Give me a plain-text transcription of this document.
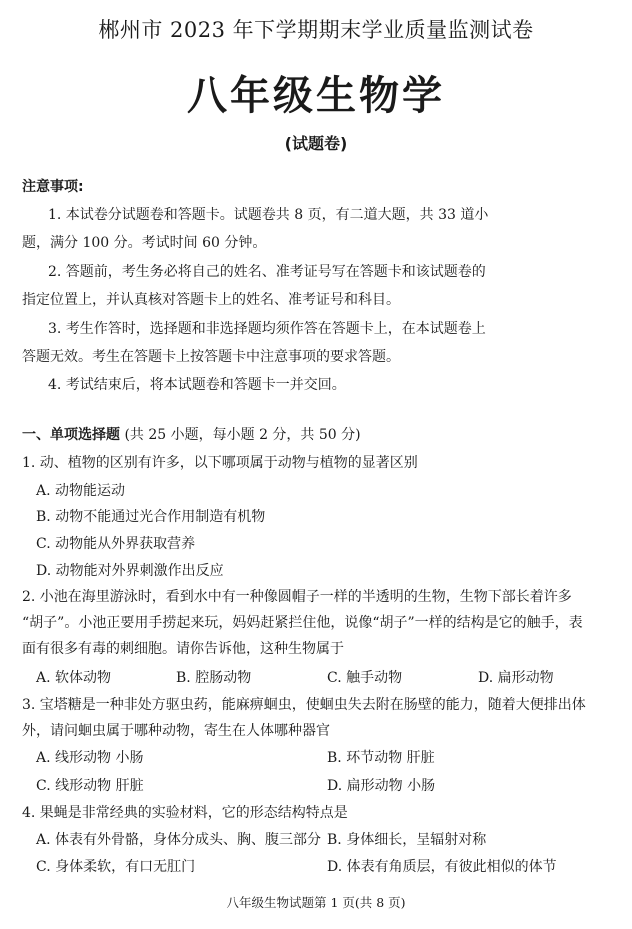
郴州市 2023 年下学期期末学业质量监测试卷
八年级生物学
(试题卷)
注意事项:
1. 本试卷分试题卷和答题卡。试题卷共 8 页，有二道大题，共 33 道小
题，满分 100 分。考试时间 60 分钟。
2. 答题前，考生务必将自己的姓名、准考证号写在答题卡和该试题卷的
指定位置上，并认真核对答题卡上的姓名、准考证号和科目。
3. 考生作答时，选择题和非选择题均须作答在答题卡上，在本试题卷上
答题无效。考生在答题卡上按答题卡中注意事项的要求答题。
4. 考试结束后，将本试题卷和答题卡一并交回。
一、单项选择题 (共 25 小题，每小题 2 分，共 50 分)
1. 动、植物的区别有许多，以下哪项属于动物与植物的显著区别
A. 动物能运动
B. 动物不能通过光合作用制造有机物
C. 动物能从外界获取营养
D. 动物能对外界刺激作出反应
2. 小池在海里游泳时，看到水中有一种像圆帽子一样的半透明的生物，生物下部长着许多
“胡子”。小池正要用手捞起来玩，妈妈赶紧拦住他，说像“胡子”一样的结构是它的触手，表
面有很多有毒的刺细胞。请你告诉他，这种生物属于
A. 软体动物	B. 腔肠动物	C. 触手动物	D. 扁形动物
3. 宝塔糖是一种非处方驱虫药，能麻痹蛔虫，使蛔虫失去附在肠壁的能力，随着大便排出体
外，请问蛔虫属于哪种动物，寄生在人体哪种器官
A. 线形动物 小肠	B. 环节动物 肝脏
C. 线形动物 肝脏	D. 扁形动物 小肠
4. 果蝇是非常经典的实验材料，它的形态结构特点是
A. 体表有外骨骼，身体分成头、胸、腹三部分 B. 身体细长，呈辐射对称
C. 身体柔软，有口无肛门	D. 体表有角质层，有彼此相似的体节
八年级生物试题第 1 页(共 8 页)
